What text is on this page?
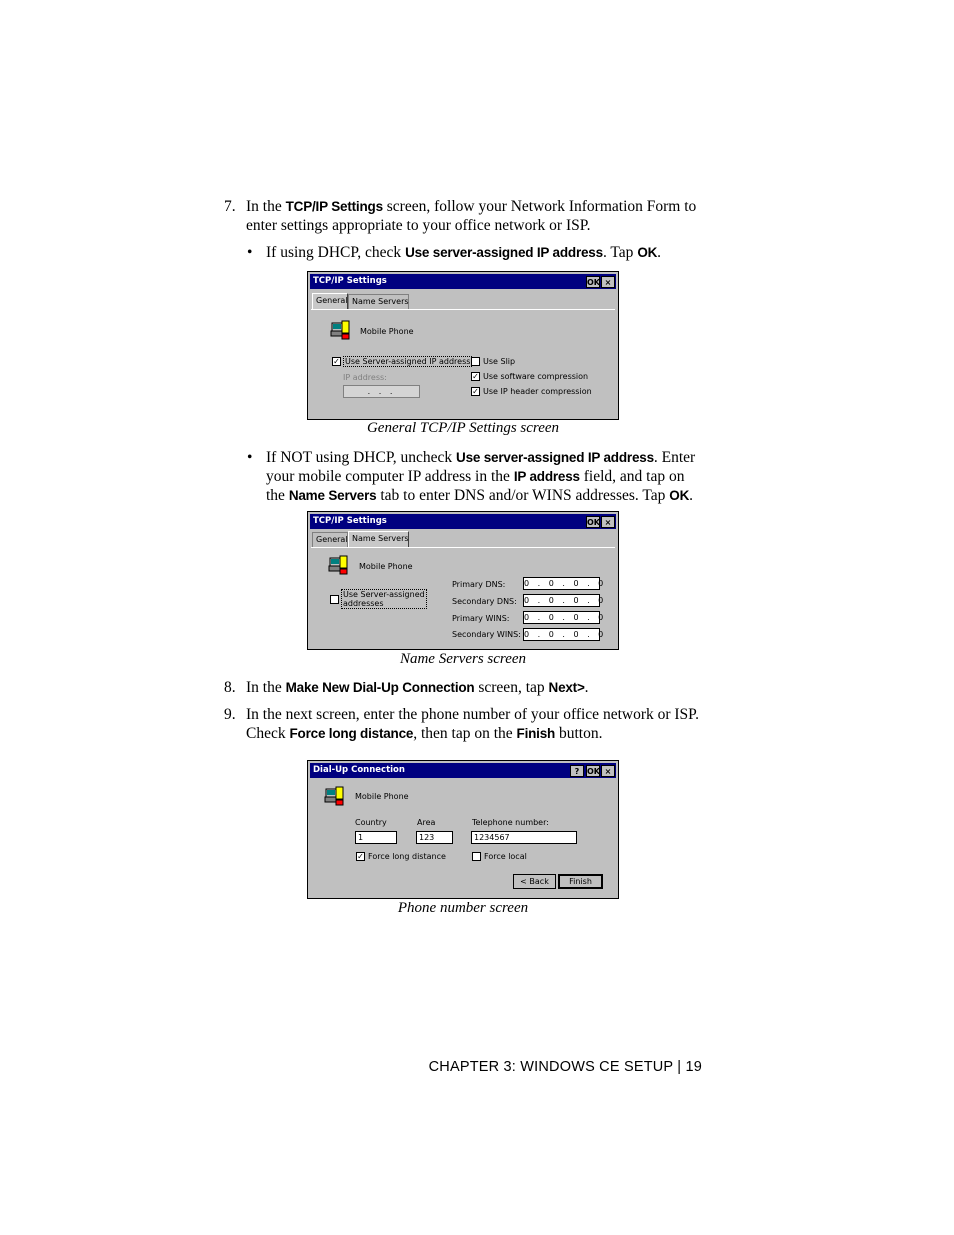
7. In the TCP/IP Settings screen, follow your Network Information Form to
enter settings appropriate to your office network or ISP.
• If using DHCP, check Use server-assigned IP address. Tap OK.
TCP/IP Settings	OK ×
General Name Servers
Mobile Phone
✓ Use Server-assigned IP address
IP address:
. . .
Use Slip
✓ Use software compression
✓ Use IP header compression
General TCP/IP Settings screen
• If NOT using DHCP, uncheck Use server-assigned IP address. Enter
your mobile computer IP address in the IP address field, and tap on
the Name Servers tab to enter DNS and/or WINS addresses. Tap OK.
TCP/IP Settings	OK ×
General Name Servers
Mobile Phone
Use Server-assigned
addresses
Primary DNS: 0 . 0 . 0 . 0
Secondary DNS: 0 . 0 . 0 . 0
Primary WINS: 0 . 0 . 0 . 0
Secondary WINS: 0 . 0 . 0 . 0
Name Servers screen
8. In the Make New Dial-Up Connection screen, tap Next>.
9. In the next screen, enter the phone number of your office network or ISP.
Check Force long distance, then tap on the Finish button.
Dial-Up Connection	? OK ×
Mobile Phone
Country
1
Area
123
Telephone number:
1234567
✓ Force long distance	Force local
< Back	Finish
Phone number screen
CHAPTER 3: WINDOWS CE SETUP | 19
